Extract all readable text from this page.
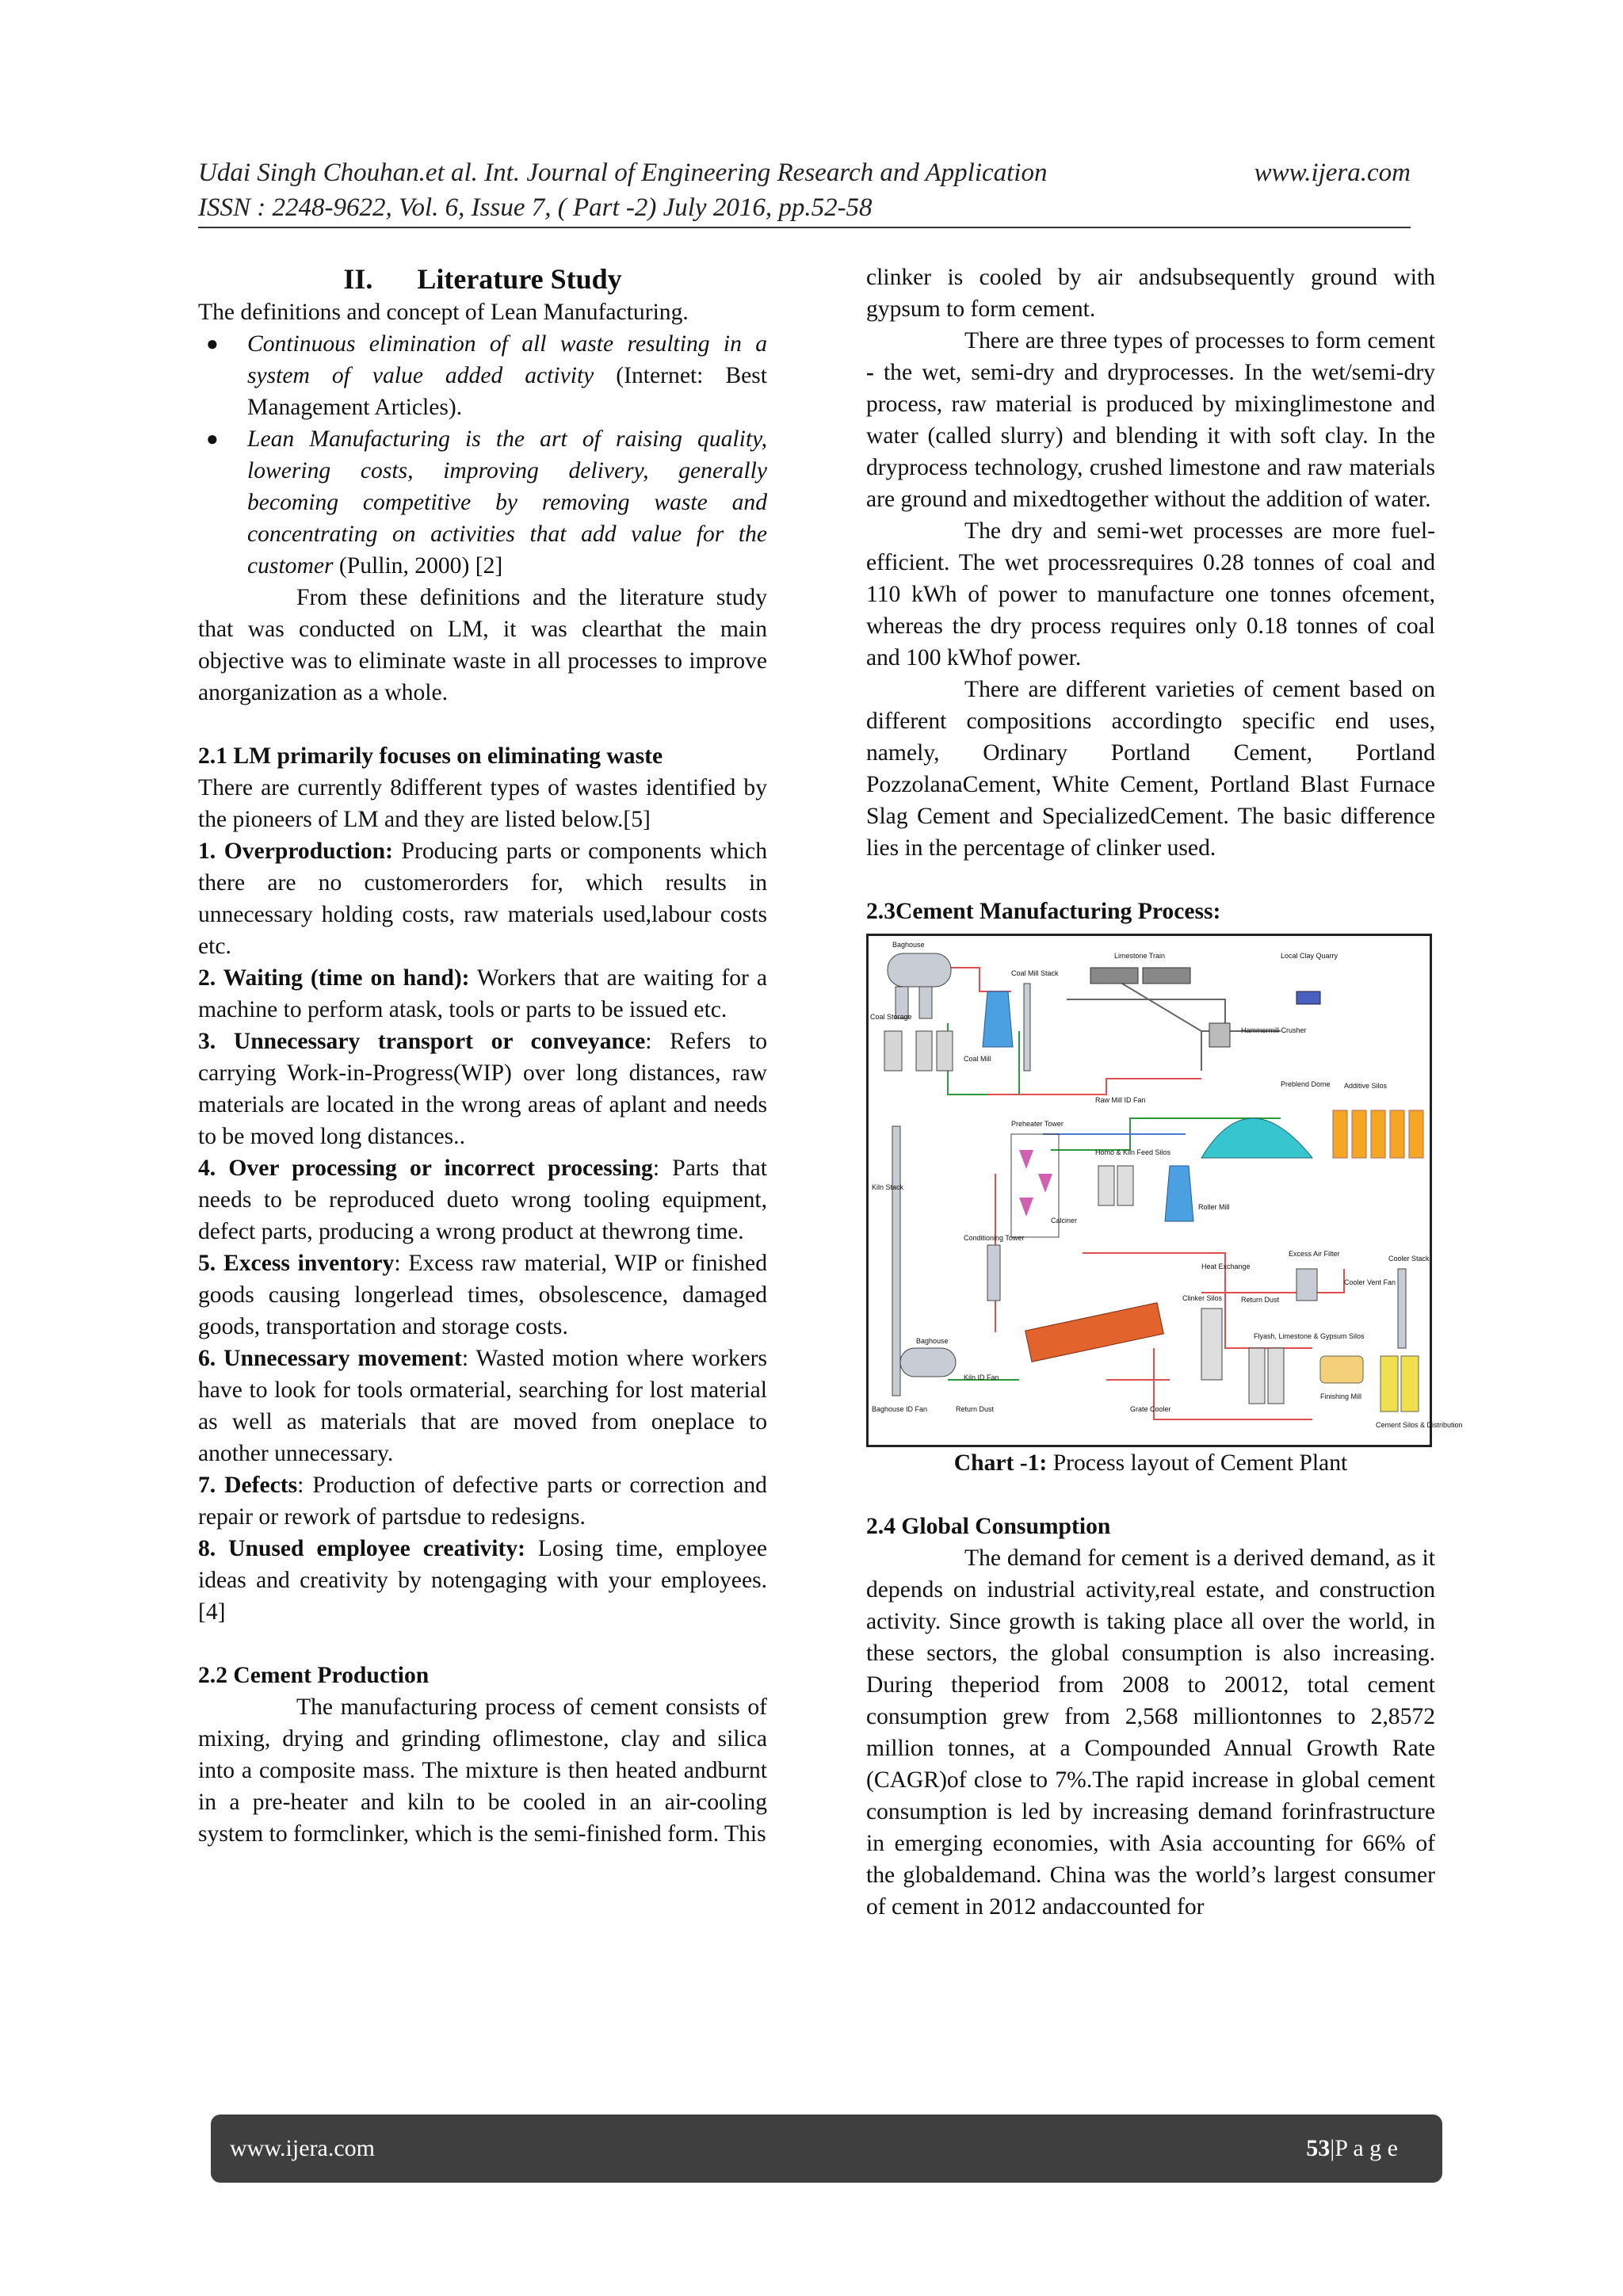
Udai Singh Chouhan.et al. Int. Journal of Engineering Research and Application	www.ijera.com
ISSN : 2248-9622, Vol. 6, Issue 7, ( Part -2) July 2016, pp.52-58
II. Literature Study

The definitions and concept of Lean Manufacturing.

● Continuous elimination of all waste resulting in a system of value added activity (Internet: Best Management Articles).
● Lean Manufacturing is the art of raising quality, lowering costs, improving delivery, generally becoming competitive by removing waste and concentrating on activities that add value for the customer (Pullin, 2000) [2]

From these definitions and the literature study that was conducted on LM, it was clearthat the main objective was to eliminate waste in all processes to improve anorganization as a whole.

2.1 LM primarily focuses on eliminating waste

There are currently 8different types of wastes identified by the pioneers of LM and they are listed below.[5]

1. Overproduction: Producing parts or components which there are no customerorders for, which results in unnecessary holding costs, raw materials used,labour costs etc.

2. Waiting (time on hand): Workers that are waiting for a machine to perform atask, tools or parts to be issued etc.

3. Unnecessary transport or conveyance: Refers to carrying Work-in-Progress(WIP) over long distances, raw materials are located in the wrong areas of aplant and needs to be moved long distances..

4. Over processing or incorrect processing: Parts that needs to be reproduced dueto wrong tooling equipment, defect parts, producing a wrong product at thewrong time.

5. Excess inventory: Excess raw material, WIP or finished goods causing longerlead times, obsolescence, damaged goods, transportation and storage costs.

6. Unnecessary movement: Wasted motion where workers have to look for tools ormaterial, searching for lost material as well as materials that are moved from oneplace to another unnecessary.

7. Defects: Production of defective parts or correction and repair or rework of partsdue to redesigns.

8. Unused employee creativity: Losing time, employee ideas and creativity by notengaging with your employees. [4]

2.2 Cement Production

The manufacturing process of cement consists of mixing, drying and grinding oflimestone, clay and silica into a composite mass. The mixture is then heated andburnt in a pre-heater and kiln to be cooled in an air-cooling system to formclinker, which is the semi-finished form. This

clinker is cooled by air andsubsequently ground with gypsum to form cement.

There are three types of processes to form cement - the wet, semi-dry and dryprocesses. In the wet/semi-dry process, raw material is produced by mixinglimestone and water (called slurry) and blending it with soft clay. In the dryprocess technology, crushed limestone and raw materials are ground and mixedtogether without the addition of water.

The dry and semi-wet processes are more fuel-efficient. The wet processrequires 0.28 tonnes of coal and 110 kWh of power to manufacture one tonnes ofcement, whereas the dry process requires only 0.18 tonnes of coal and 100 kWhof power.

There are different varieties of cement based on different compositions accordingto specific end uses, namely, Ordinary Portland Cement, Portland PozzolanaCement, White Cement, Portland Blast Furnace Slag Cement and SpecializedCement. The basic difference lies in the percentage of clinker used.

2.3Cement Manufacturing Process:

Baghouse
Coal Mill Stack
Coal Storage
Coal Mill
Limestone Train	Local Clay Quarry
Hammermill Crusher
Preblend Dome Additive Silos
Raw Mill ID Fan
Preheater Tower
Kiln Stack
Homo & Kiln Feed Silos
Calciner
Roller Mill
Conditioning Tower
Excess Air Filter
Heat Exchange
Cooler Stack
Cooler Vent Fan
Clinker Silos	Return Dust
Baghouse
Kiln ID Fan
Flyash, Limestone & Gypsum Silos
Baghouse ID Fan	Return Dust	Grate Cooler
Finishing Mill
Cement Silos & Distribution

Chart -1: Process layout of Cement Plant

2.4 Global Consumption

The demand for cement is a derived demand, as it depends on industrial activity,real estate, and construction activity. Since growth is taking place all over the world, in these sectors, the global consumption is also increasing. During theperiod from 2008 to 20012, total cement consumption grew from 2,568 milliontonnes to 2,8572 million tonnes, at a Compounded Annual Growth Rate (CAGR)of close to 7%.The rapid increase in global cement consumption is led by increasing demand forinfrastructure in emerging economies, with Asia accounting for 66% of the globaldemand. China was the world’s largest consumer of cement in 2012 andaccounted for

www.ijera.com	53|P a g e
